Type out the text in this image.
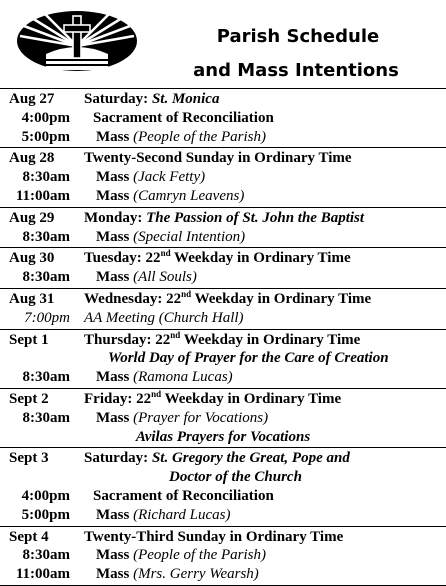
Parish Schedule
and Mass Intentions
Aug 27 Saturday: St. Monica
4:00pm Sacrament of Reconciliation
5:00pm Mass (People of the Parish)
Aug 28 Twenty-Second Sunday in Ordinary Time
8:30am Mass (Jack Fetty)
11:00am Mass (Camryn Leavens)
Aug 29 Monday: The Passion of St. John the Baptist
8:30am Mass (Special Intention)
Aug 30 Tuesday: 22nd Weekday in Ordinary Time
8:30am Mass (All Souls)
Aug 31 Wednesday: 22nd Weekday in Ordinary Time
7:00pm AA Meeting (Church Hall)
Sept 1 Thursday: 22nd Weekday in Ordinary Time
World Day of Prayer for the Care of Creation
8:30am Mass (Ramona Lucas)
Sept 2 Friday: 22nd Weekday in Ordinary Time
8:30am Mass (Prayer for Vocations)
Avilas Prayers for Vocations
Sept 3 Saturday: St. Gregory the Great, Pope and
Doctor of the Church
4:00pm Sacrament of Reconciliation
5:00pm Mass (Richard Lucas)
Sept 4 Twenty-Third Sunday in Ordinary Time
8:30am Mass (People of the Parish)
11:00am Mass (Mrs. Gerry Wearsh)
